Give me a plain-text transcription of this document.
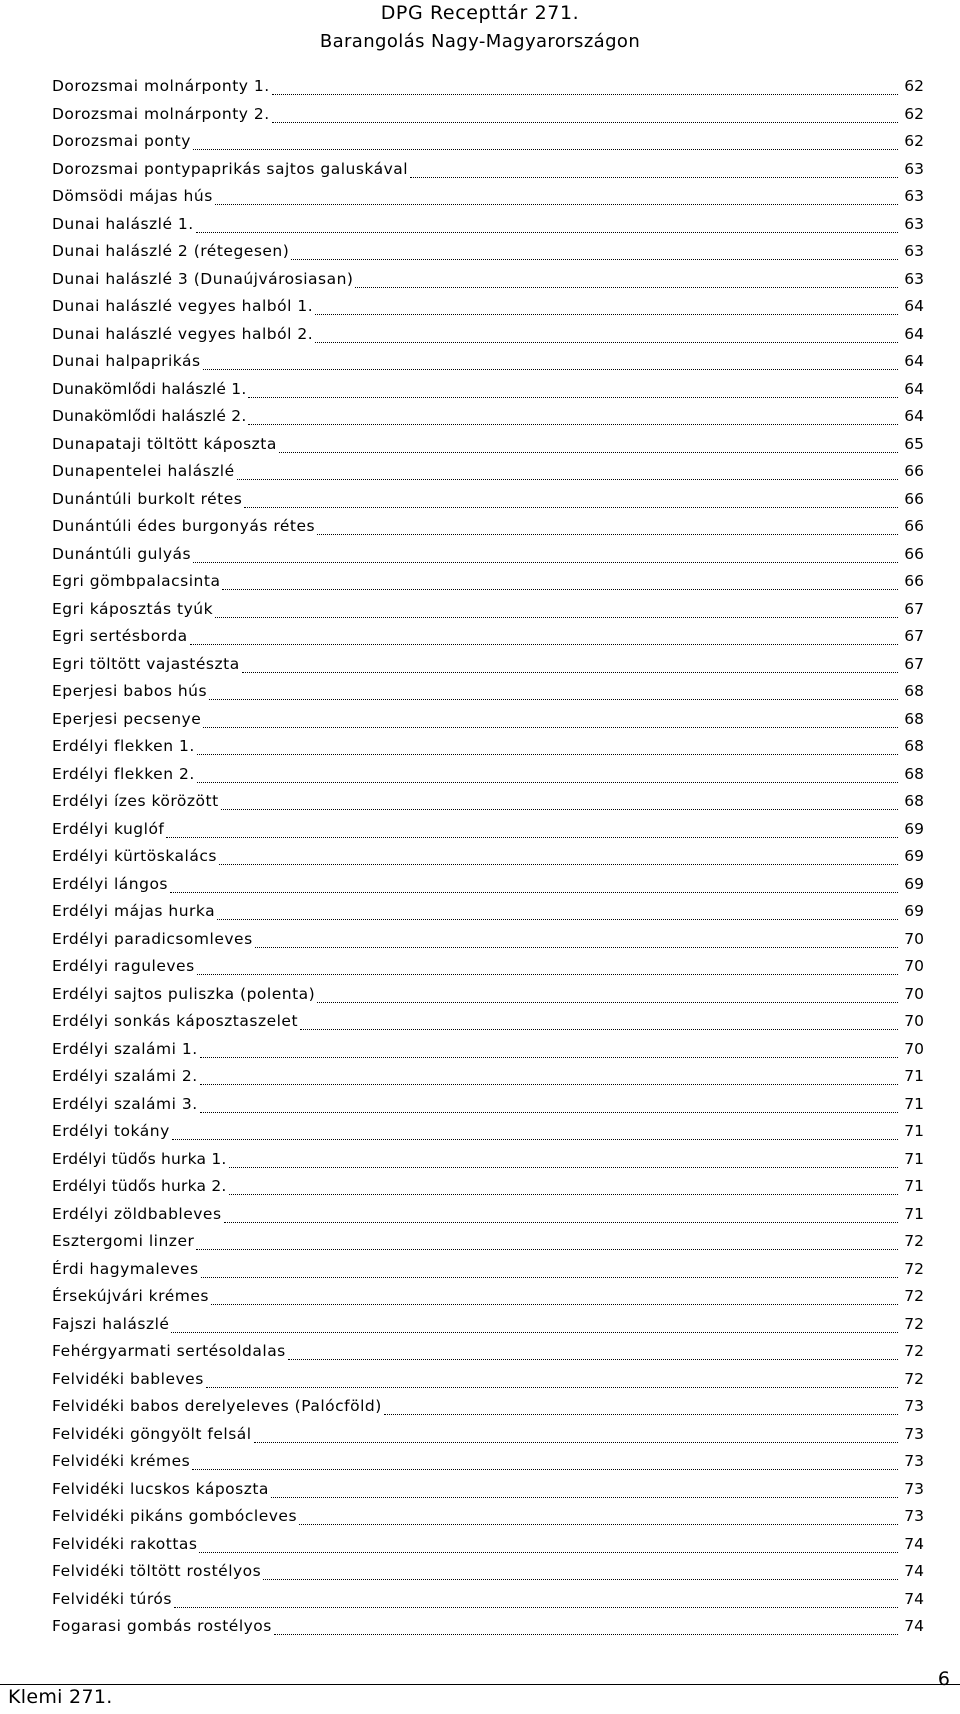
DPG Recepttár 271.
Barangolás Nagy-Magyarországon
Dorozsmai molnárponty 1.	62
Dorozsmai molnárponty 2.	62
Dorozsmai ponty	62
Dorozsmai pontypaprikás sajtos galuskával	63
Dömsödi májas hús	63
Dunai halászlé 1.	63
Dunai halászlé 2 (rétegesen)	63
Dunai halászlé 3 (Dunaújvárosiasan)	63
Dunai halászlé vegyes halból 1.	64
Dunai halászlé vegyes halból 2.	64
Dunai halpaprikás	64
Dunakömlődi halászlé 1.	64
Dunakömlődi halászlé 2.	64
Dunapataji töltött káposzta	65
Dunapentelei halászlé	66
Dunántúli burkolt rétes	66
Dunántúli édes burgonyás rétes	66
Dunántúli gulyás	66
Egri gömbpalacsinta	66
Egri káposztás tyúk	67
Egri sertésborda	67
Egri töltött vajastészta	67
Eperjesi babos hús	68
Eperjesi pecsenye	68
Erdélyi flekken 1.	68
Erdélyi flekken 2.	68
Erdélyi ízes körözött	68
Erdélyi kuglóf	69
Erdélyi kürtöskalács	69
Erdélyi lángos	69
Erdélyi májas hurka	69
Erdélyi paradicsomleves	70
Erdélyi raguleves	70
Erdélyi sajtos puliszka (polenta)	70
Erdélyi sonkás káposztaszelet	70
Erdélyi szalámi 1.	70
Erdélyi szalámi 2.	71
Erdélyi szalámi 3.	71
Erdélyi tokány	71
Erdélyi tüdős hurka 1.	71
Erdélyi tüdős hurka 2.	71
Erdélyi zöldbableves	71
Esztergomi linzer	72
Érdi hagymaleves	72
Érsekújvári krémes	72
Fajszi halászlé	72
Fehérgyarmati sertésoldalas	72
Felvidéki bableves	72
Felvidéki babos derelyeleves (Palócföld)	73
Felvidéki göngyölt felsál	73
Felvidéki krémes	73
Felvidéki lucskos káposzta	73
Felvidéki pikáns gombócleves	73
Felvidéki rakottas	74
Felvidéki töltött rostélyos	74
Felvidéki túrós	74
Fogarasi gombás rostélyos	74
Klemi 271.
6
